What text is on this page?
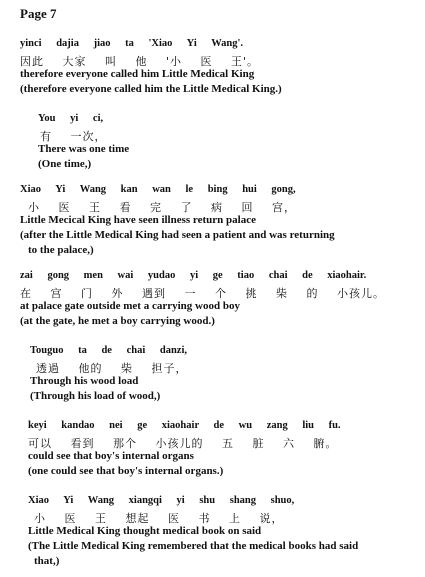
Page 7
yinci dajia jiao ta 'Xiao Yi Wang'.
因此 大家 叫 他 '小 医 王'。
therefore everyone called him Little Medical King
(therefore everyone called him the Little Medical King.)
You yi ci,
有 一次，
There was one time
(One time,)
Xiao Yi Wang kan wan le bing hui gong,
小 医 王 看 完 了 病 回 宫，
Little Mecical King have seen illness return palace
(after the Little Medical King had seen a patient and was returning
to the palace,)
zai gong men wai yudao yi ge tiao chai de xiaohair.
在 宫 门 外 遇到 一 个 挑 柴 的 小孩儿。
at palace gate outside met a carrying wood boy
(at the gate, he met a boy carrying wood.)
Touguo ta de chai danzi,
透過 他的 柴 担子，
Through his wood load
(Through his load of wood,)
keyi kandao nei ge xiaohair de wu zang liu fu.
可以 看到 那个 小孩儿的 五 脏 六 腑。
could see that boy's internal organs
(one could see that boy's internal organs.)
Xiao Yi Wang xiangqi yi shu shang shuo,
小 医 王 想起 医 书 上 说，
Little Medical King thought medical book on said
(The Little Medical King remembered that the medical books had said
that,)
